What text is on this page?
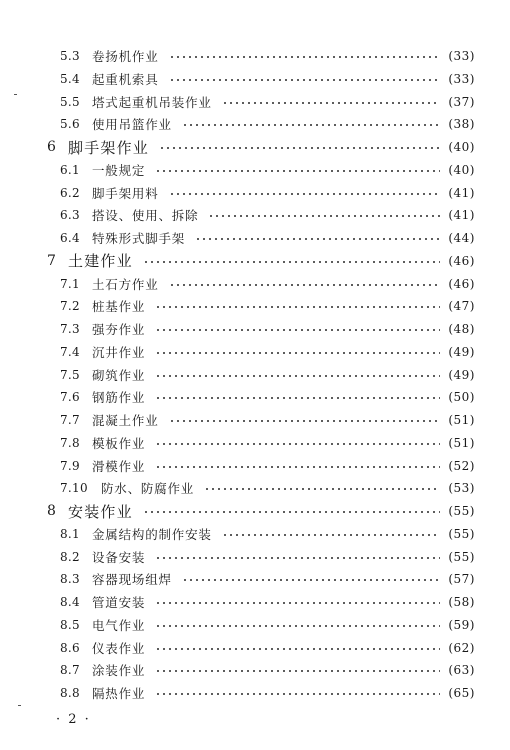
5.3 卷扬机作业	(33)
5.4 起重机索具	(33)
5.5 塔式起重机吊装作业	(37)
5.6 使用吊篮作业	(38)
6 脚手架作业	(40)
6.1 一般规定	(40)
6.2 脚手架用料	(41)
6.3 搭设、使用、拆除	(41)
6.4 特殊形式脚手架	(44)
7 土建作业	(46)
7.1 土石方作业	(46)
7.2 桩基作业	(47)
7.3 强夯作业	(48)
7.4 沉井作业	(49)
7.5 砌筑作业	(49)
7.6 钢筋作业	(50)
7.7 混凝土作业	(51)
7.8 模板作业	(51)
7.9 滑模作业	(52)
7.10 防水、防腐作业	(53)
8 安装作业	(55)
8.1 金属结构的制作安装	(55)
8.2 设备安装	(55)
8.3 容器现场组焊	(57)
8.4 管道安装	(58)
8.5 电气作业	(59)
8.6 仪表作业	(62)
8.7 涂装作业	(63)
8.8 隔热作业	(65)
· 2 ·
